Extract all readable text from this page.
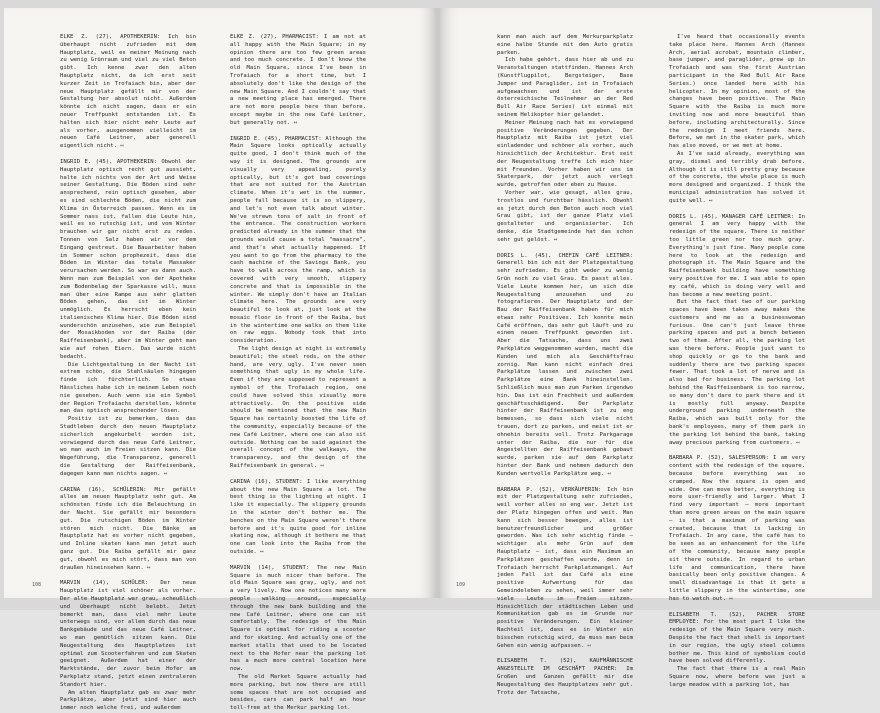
ELKE Z. (27), APOTHEKERIN: Ich bin überhaupt nicht zufrieden mit dem Hauptplatz, weil es meiner Meinung nach zu wenig Grünraum und viel zu viel Beton gibt. Ich kenne zwar den alten Hauptplatz nicht, da ich erst seit kurzer Zeit in Trofaiach bin, aber der neue Hauptplatz gefällt mir von der Gestaltung her absolut nicht. Außerdem könnte ich nicht sagen, dass er ein neuer Treffpunkt entstanden ist. Es halten sich hier nicht mehr Leute auf als vorher, ausgenommen vielleicht im neuen Café Leitner, aber generell eigentlich nicht. ↤

INGRID E. (45), APOTHEKERIN: Obwohl der Hauptplatz optisch recht gut aussieht, halte ich nichts von der Art und Weise seiner Gestaltung. Die Böden sind sehr ansprechend, rein optisch gesehen, aber es sind schlechte Böden, die nicht zum Klima in Österreich passen. Wenn es im Sommer nass ist, fallen die Leute hin, weil es so rutschig ist, und vom Winter brauchen wir gar nicht erst zu reden. Tonnen von Salz haben wir vor dem Eingang gestreut. Die Bauarbeiter haben im Sommer schon prophezeit, dass die Böden im Winter das totale Massaker verursachen werden. So war es dann auch. Wenn man zum Beispiel von der Apotheke zum Bodenbelag der Sparkasse will, muss man über eine Rampe aus sehr glatten Böden gehen, das ist im Winter unmöglich. Es herrscht eben kein italienisches Klima hier. Die Böden sind wunderschön anzusehen, wie zum Beispiel der Mosaikboden vor der Raiba (der Raiffeisenbank), aber im Winter geht man wie auf rohen Eiern. Das wurde nicht bedacht.

Die Lichtgestaltung in der Nacht ist extrem schön, die Stahlsäulen hingegen finde ich fürchterlich. So etwas Hässliches habe ich in meinem Leben noch nie gesehen. Auch wenn sie ein Symbol der Region Trofaiachs darstellen, könnte man das optisch ansprechender lösen.

Positiv ist zu bemerken, dass das Stadtleben durch den neuen Hauptplatz sicherlich angekurbelt worden ist, vorwiegend durch das neue Café Leitner, wo man auch im Freien sitzen kann. Die Wegeführung, die Transparenz, generell die Gestaltung der Raiffeisenbank, dagegen kann man nichts sagen. ↤

CARINA (16), SCHÜLERIN: Mir gefällt alles am neuen Hauptplatz sehr gut. Am schönsten finde ich die Beleuchtung in der Nacht. Sie gefällt mir besonders gut. Die rutschigen Böden im Winter stören mich nicht. Die Bänke am Hauptplatz hat es vorher nicht gegeben, und Inline skaten kann man jetzt auch ganz gut. Die Raiba gefällt mir ganz gut, obwohl es mich stört, dass man von draußen hineinsehen kann. ↤

MARVIN (14), SCHÜLER: Der neue Hauptplatz ist viel schöner als vorher. Der alte Hauptplatz war grau, scheußlich und überhaupt nicht belebt. Jetzt bemerkt man, dass viel mehr Leute unterwegs sind, vor allem durch das neue Bankgebäude und das neue Café Leitner, wo man gemütlich sitzen kann. Die Neugestaltung des Hauptplatzes ist optimal zum Scooterfahren und zum Skaten geeignet. Außerdem hat einer der Marktstände, der zuvor beim Hofer am Parkplatz stand, jetzt einen zentraleren Standort hier.

Am alten Hauptplatz gab es zwar mehr Parkplätze, aber jetzt sind hier auch immer noch welche frei, und außerdem

ELKE Z. (27), PHARMACIST: I am not at all happy with the Main Square; in my opinion there are too few green areas and too much concrete. I don't know the old Main Square, since I've been in Trofaiach for a short time, but I absolutely don't like the design of the new Main Square. And I couldn't say that a new meeting place has emerged. There are not more people here than before, except maybe in the new Café Leitner, but generally not. ↤

INGRID E. (45), PHARMACIST: Although the Main Square looks optically actually quite good, I don't think much of the way it is designed. The grounds are visually very appealing, purely optically, but it's got bad coverings that are not suited for the Austrian climate. When it's wet in the summer, people fall because it is so slippery, and let's not even talk about winter. We've strewn tons of salt in front of the entrance. The construction workers predicted already in the summer that the grounds would cause a total "massacre", and that's what actually happened. If you want to go from the pharmacy to the cash machine of the Savings Bank, you have to walk across the ramp, which is covered with very smooth, slippery concrete and that is impossible in the winter. We simply don't have an Italian climate here. The grounds are very beautiful to look at, just look at the mosaic floor in front of the Raiba, but in the wintertime one walks on them like on raw eggs. Nobody took that into consideration.

The light design at night is extremely beautiful; the steel rods, on the other hand, are very ugly. I've never seen something that ugly in my whole life. Even if they are supposed to represent a symbol of the Trofaiach region, one could have solved this visually more attractively. On the positive side should be mentioned that the new Main Square has certainly boosted the life of the community, especially because of the new Café Leitner, where one can also sit outside. Nothing can be said against the overall concept of the walkways, the transparency, and the design of the Raiffeisenbank in general. ↤

CARINA (16), STUDENT: I like everything about the new Main Square a lot. The best thing is the lighting at night. I like it especially. The slippery grounds in the winter don't bother me. The benches on the Main Square weren't there before and it's quite good for inline skating now, although it bothers me that one can look into the Raiba from the outside. ↤

MARVIN (14), STUDENT: The new Main Square is much nicer than before. The old Main Square was gray, ugly, and not a very lively. Now one notices many more people walking around, especially through the new bank building and the new Café Leitner, where one can sit comfortably. The redesign of the Main Square is optimal for riding a scooter and for skating. And actually one of the market stalls that used to be located next to the Hofer near the parking lot has a much more central location here now.

The old Market Square actually had more parking, but now there are still some spaces that are not occupied and besides, cars can park half an hour toll-free at the Merkur parking lot.

108

kann man auch auf dem Merkurparkplatz eine halbe Stunde mit dem Auto gratis parken.

Ich habe gehört, dass hier ab und zu Veranstaltungen stattfinden. Hannes Arch (Kunstflugpilot, Bergsteiger, Base Jumper und Paraglider, ist in Trofaiach aufgewachsen und ist der erste österreichische Teilnehmer an der Red Bull Air Race Series) ist einmal mit seinem Helikopter hier gelandet.

Meiner Meinung nach hat es vorwiegend positive Veränderungen gegeben. Der Hauptplatz mit Raiba ist jetzt viel einladender und schöner als vorher, auch hinsichtlich der Architektur. Erst seit der Neugestaltung treffe ich mich hier mit Freunden. Vorher haben wir uns im Skaterpark, der jetzt auch verlegt wurde, getroffen oder eben zu Hause.

Vorher war, wie gesagt, alles grau, trostlos und furchtbar hässlich. Obwohl es jetzt durch den Beton auch noch viel Grau gibt, ist der ganze Platz viel gestalteter und organisierter. Ich denke, die Stadtgemeinde hat das schon sehr gut gelöst. ↤

DORIS L. (45), CHEFIN CAFÉ LEITNER: Generell bin ich mit der Platzgestaltung sehr zufrieden. Es gibt weder zu wenig Grün noch zu viel Grau. Es passt alles. Viele Leute kommen her, um sich die Neugestaltung anzusehen und zu fotografieren. Der Hauptplatz und der Bau der Raiffeisenbank haben für mich etwas sehr Positives. Ich konnte mein Café eröffnen, das sehr gut läuft und zu einem neuen Treffpunkt geworden ist. Aber die Tatsache, dass uns zwei Parkplätze weggenommen wurden, macht die Kunden und mich als Geschäftsfrau zornig. Man kann nicht einfach drei Parkplätze lassen und zwischen zwei Parkplätze eine Bank hineinstellen. Schließlich muss man zum Parken irgendwo hin. Das ist ein Frechheit und außerdem geschäftsschädigend. Der Parkplatz hinter der Raiffeisenbank ist zu eng bemessen, so dass sich viele nicht trauen, dort zu parken, und meist ist er ohnehin bereits voll. Trotz Parkgarage unter der Raiba, die nur für die Angestellten der Raiffeisenbank gebaut wurde, parken sie auf dem Parkplatz hinter der Bank und nehmen dadurch den Kunden wertvolle Parkplätze weg. ↤

BARBARA P. (52), VERKÄUFERIN: Ich bin mit der Platzgestaltung sehr zufrieden, weil vorher alles so eng war. Jetzt ist der Platz hingegen offen und weit. Man kann sich besser bewegen, alles ist benutzerfreundlicher und größer geworden. Was ich sehr wichtig finde – wichtiger als mehr Grün auf dem Hauptplatz – ist, dass ein Maximum an Parkplätzen geschaffen wurde, denn in Trofaiach herrscht Parkplatzmangel. Auf jeden Fall ist das Café als eine positive Aufwertung für das Gemeindeleben zu sehen, weil immer sehr viele Leute im Freien sitzen. Hinsichtlich der städtischen Leben und Kommunikation gab es im Grunde nur positive Veränderungen. Ein kleiner Nachteil ist, dass es in Winter ein bisschen rutschig wird, da muss man beim Gehen ein wenig aufpassen. ↤

ELISABETH T. (52), KAUFMÄNNISCHE ANGESTELLTE IM GESCHÄFT PACHER: Im Großen und Ganzen gefällt mir die Neugestaltung des Hauptplatzes sehr gut. Trotz der Tatsache,

I've heard that occasionally events take place here. Hannes Arch (Hannes Arch, aerial acrobat, mountain climber, base jumper, and paraglider, grew up in Trofaiach and was the first Austrian participant in the Red Bull Air Race Series.) once landed here with his helicopter. In my opinion, most of the changes have been positive. The Main Square with the Raiba is much more inviting now and more beautiful than before, including architecturally. Since the redesign I meet friends here. Before, we met in the skater park, which has also moved, or we met at home.

As I've said already, everything was gray, dismal and terribly drab before. Although it is still pretty gray because of the concrete, the whole place is much more designed and organized. I think the municipal administration has solved it quite well. ↤

DORIS L. (45), MANAGER CAFÉ LEITNER: In general I am very happy with the redesign of the square. There is neither too little green nor too much gray. Everything's just fine. Many people come here to look at the redesign and photograph it. The Main Square and the Raiffeisenbank building have something very positive for me. I was able to open my café, which is doing very well and has become a new meeting point.

But the fact that two of our parking spaces have been taken away makes the customers and me as a businesswoman furious. One can't just leave three parking spaces and put a bench between two of them. After all, the parking lot was there before. People just want to shop quickly or go to the bank and suddenly there are two parking spaces fewer. That took a lot of nerve and is also bad for business. The parking lot behind the Raiffeisenbank is too narrow, so many don't dare to park there and it is mostly full anyway. Despite underground parking underneath the Raiba, which was built only for the bank's employees, many of them park in the parking lot behind the bank, taking away precious parking from customers. ↤

BARBARA P. (52), SALESPERSON: I am very content with the redesign of the square, because before everything was so cramped. Now the square is open and wide. One can move better, everything is more user-friendly and larger. What I find very important — more important than more green areas on the main square — is that a maximum of parking was created, because that is lacking in Trofaiach. In any case, the café has to be seen as an enhancement for the life of the community, because many people sit there outside. In regard to urban life and communication, there have basically been only positive changes. A small disadvantage is that it gets a little slippery in the wintertime, one has to watch out. ↤

ELISABETH T. (52), PACHER STORE EMPLOYEE: For the most part I like the redesign of the Main Square very much. Despite the fact that shell is important in our region, the ugly steel columns bother me. This kind of symbolism could have been solved differently.

The fact that there is a real Main Square now, where before was just a large meadow with a parking lot, has

109
